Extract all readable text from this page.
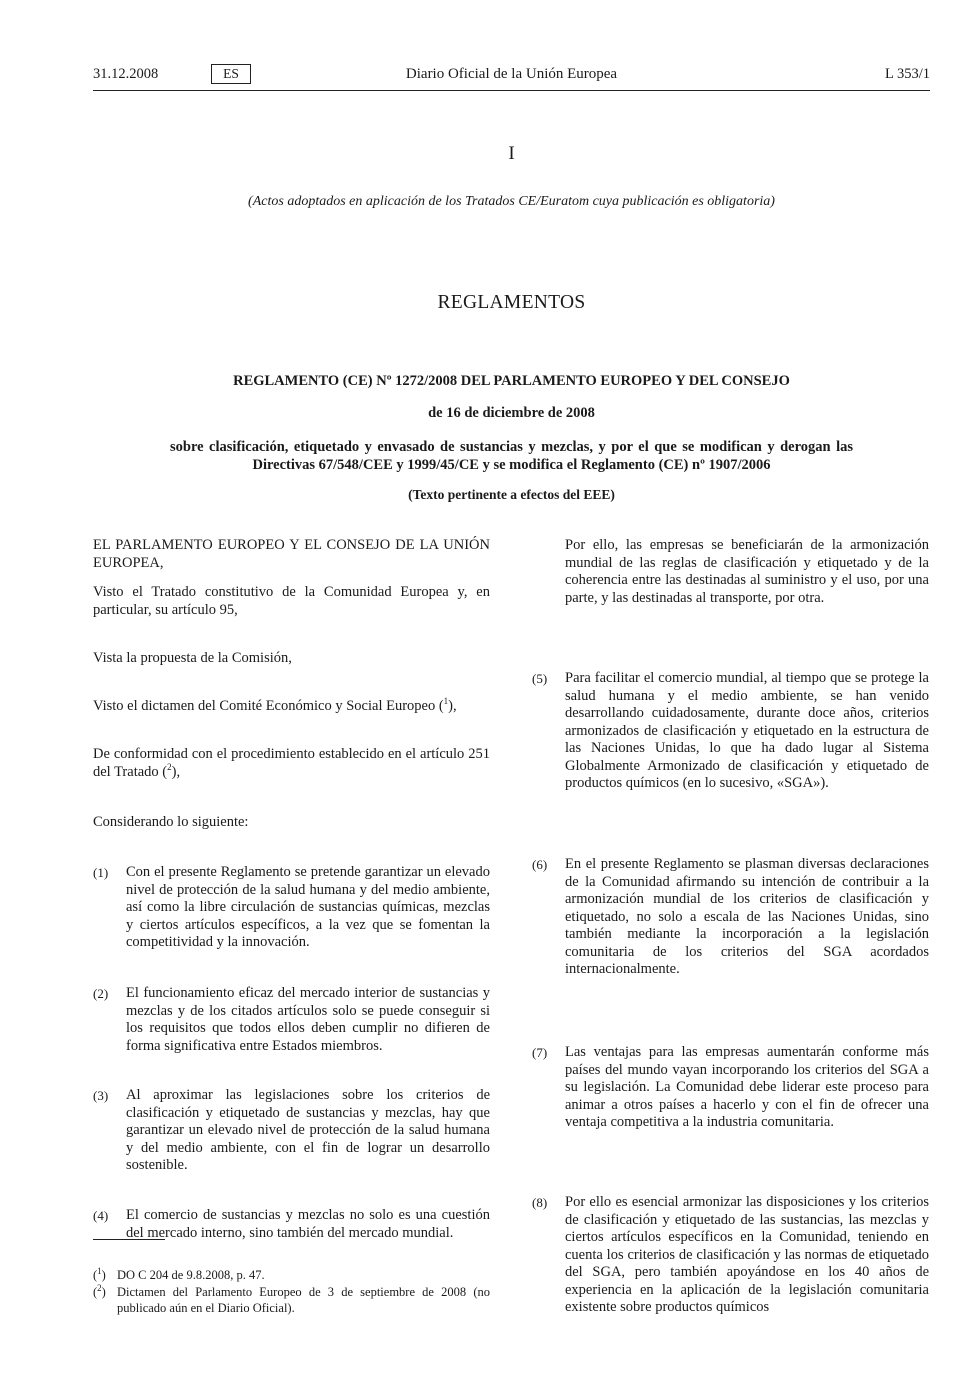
31.12.2008	ES	Diario Oficial de la Unión Europea	L 353/1
I
(Actos adoptados en aplicación de los Tratados CE/Euratom cuya publicación es obligatoria)
REGLAMENTOS
REGLAMENTO (CE) Nº 1272/2008 DEL PARLAMENTO EUROPEO Y DEL CONSEJO
de 16 de diciembre de 2008
sobre clasificación, etiquetado y envasado de sustancias y mezclas, y por el que se modifican y derogan las Directivas 67/548/CEE y 1999/45/CE y se modifica el Reglamento (CE) nº 1907/2006
(Texto pertinente a efectos del EEE)
EL PARLAMENTO EUROPEO Y EL CONSEJO DE LA UNIÓN EUROPEA,
Visto el Tratado constitutivo de la Comunidad Europea y, en particular, su artículo 95,
Vista la propuesta de la Comisión,
Visto el dictamen del Comité Económico y Social Europeo ($^1$),
De conformidad con el procedimiento establecido en el artículo 251 del Tratado ($^2$),
Considerando lo siguiente:
(1) Con el presente Reglamento se pretende garantizar un elevado nivel de protección de la salud humana y del medio ambiente, así como la libre circulación de sustancias químicas, mezclas y ciertos artículos específicos, a la vez que se fomentan la competitividad y la innovación.
(2) El funcionamiento eficaz del mercado interior de sustancias y mezclas y de los citados artículos solo se puede conseguir si los requisitos que todos ellos deben cumplir no difieren de forma significativa entre Estados miembros.
(3) Al aproximar las legislaciones sobre los criterios de clasificación y etiquetado de sustancias y mezclas, hay que garantizar un elevado nivel de protección de la salud humana y del medio ambiente, con el fin de lograr un desarrollo sostenible.
(4) El comercio de sustancias y mezclas no solo es una cuestión del mercado interno, sino también del mercado mundial.
($^1$) DO C 204 de 9.8.2008, p. 47.
($^2$) Dictamen del Parlamento Europeo de 3 de septiembre de 2008 (no publicado aún en el Diario Oficial).
Por ello, las empresas se beneficiarán de la armonización mundial de las reglas de clasificación y etiquetado y de la coherencia entre las destinadas al suministro y el uso, por una parte, y las destinadas al transporte, por otra.
(5) Para facilitar el comercio mundial, al tiempo que se protege la salud humana y el medio ambiente, se han venido desarrollando cuidadosamente, durante doce años, criterios armonizados de clasificación y etiquetado en la estructura de las Naciones Unidas, lo que ha dado lugar al Sistema Globalmente Armonizado de clasificación y etiquetado de productos químicos (en lo sucesivo, «SGA»).
(6) En el presente Reglamento se plasman diversas declaraciones de la Comunidad afirmando su intención de contribuir a la armonización mundial de los criterios de clasificación y etiquetado, no solo a escala de las Naciones Unidas, sino también mediante la incorporación a la legislación comunitaria de los criterios del SGA acordados internacionalmente.
(7) Las ventajas para las empresas aumentarán conforme más países del mundo vayan incorporando los criterios del SGA a su legislación. La Comunidad debe liderar este proceso para animar a otros países a hacerlo y con el fin de ofrecer una ventaja competitiva a la industria comunitaria.
(8) Por ello es esencial armonizar las disposiciones y los criterios de clasificación y etiquetado de las sustancias, las mezclas y ciertos artículos específicos en la Comunidad, teniendo en cuenta los criterios de clasificación y las normas de etiquetado del SGA, pero también apoyándose en los 40 años de experiencia en la aplicación de la legislación comunitaria existente sobre productos químicos
